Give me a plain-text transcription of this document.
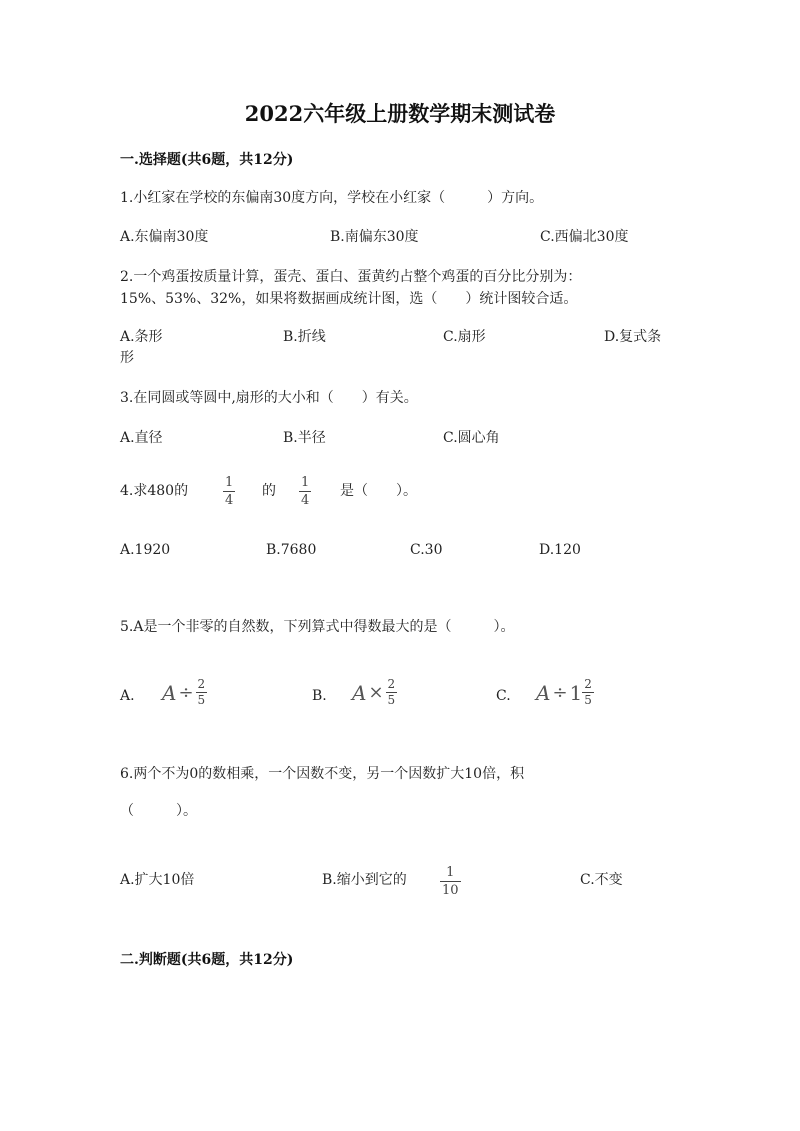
2022六年级上册数学期末测试卷
一.选择题(共6题，共12分)
1.小红家在学校的东偏南30度方向，学校在小红家（　　　）方向。
A.东偏南30度	B.南偏东30度	C.西偏北30度
2.一个鸡蛋按质量计算，蛋壳、蛋白、蛋黄约占整个鸡蛋的百分比分别为：
15%、53%、32%，如果将数据画成统计图，选（　　）统计图较合适。
A.条形	B.折线	C.扇形	D.复式条
形
3.在同圆或等圆中,扇形的大小和（　　）有关。
A.直径	B.半径	C.圆心角
4.求480的
1
4
的
1
4
是（　　）。
A.1920	B.7680	C.30	D.120
5.A是一个非零的自然数，下列算式中得数最大的是（　　　）。
A. $A \div \frac{2}{5}$	B. $A \times \frac{2}{5}$	C. $A \div 1 \frac{2}{5}$
6.两个不为0的数相乘，一个因数不变，另一个因数扩大10倍，积
（　　　）。
A.扩大10倍	B.缩小到它的	1
10
C.不变
二.判断题(共6题，共12分)
